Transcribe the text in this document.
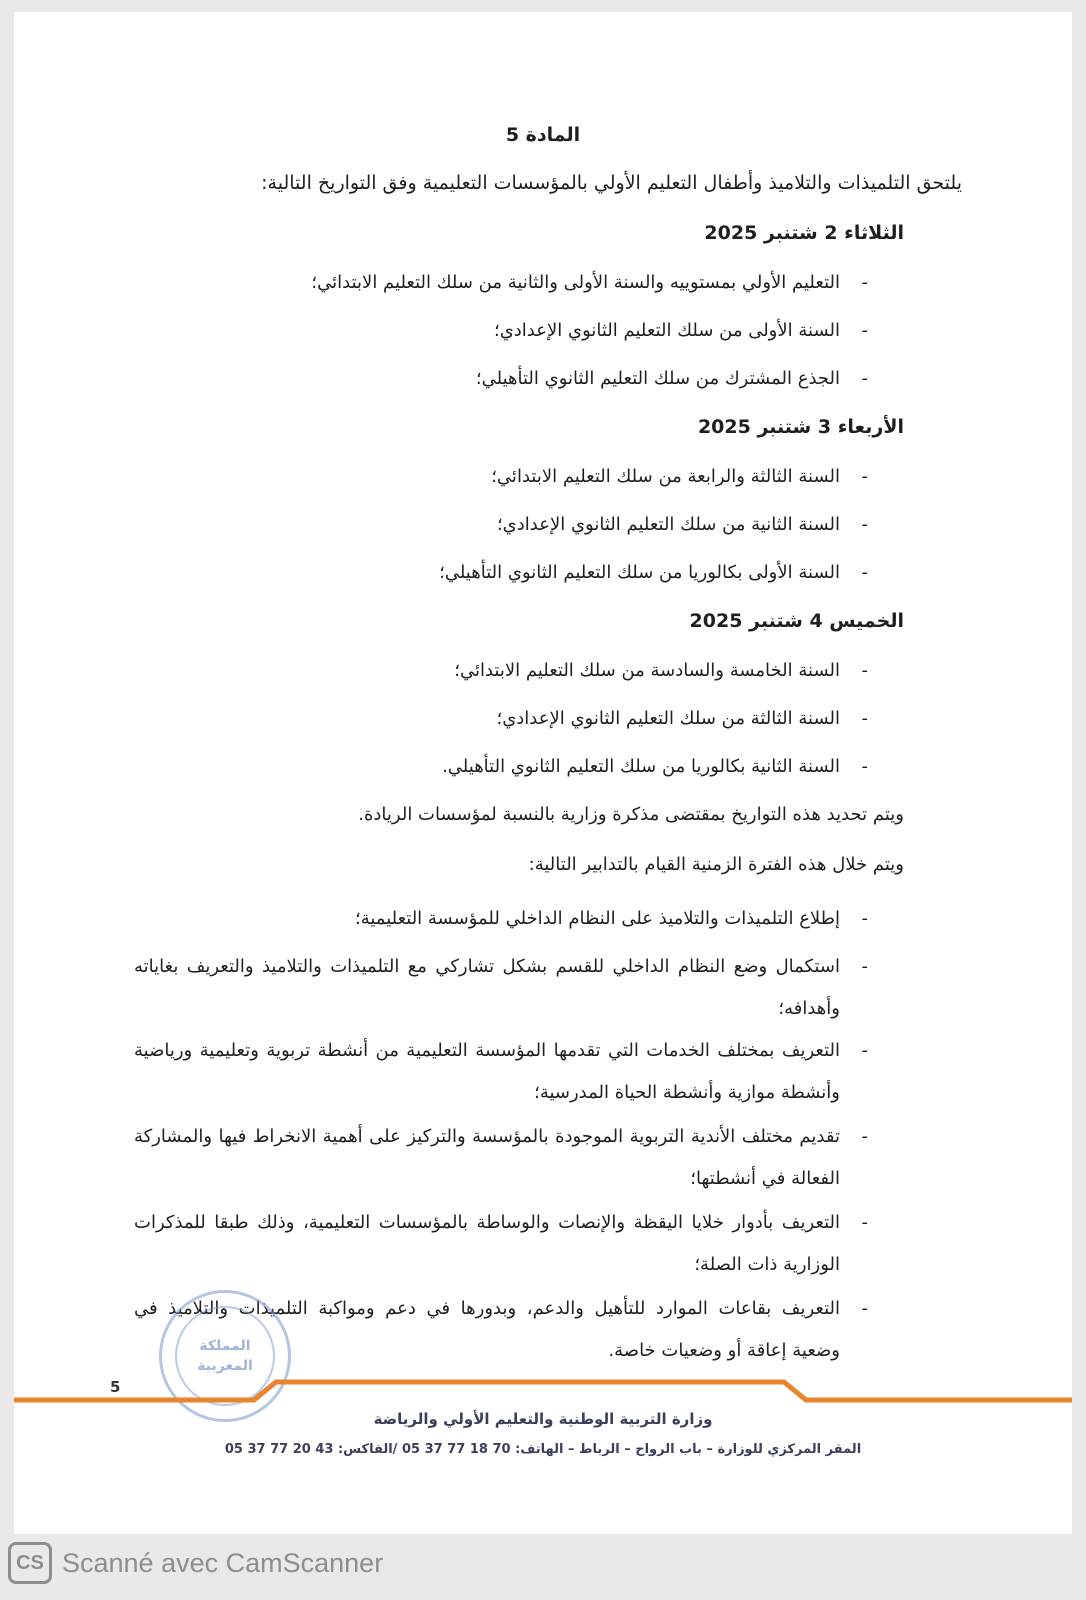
المادة 5
يلتحق التلميذات والتلاميذ وأطفال التعليم الأولي بالمؤسسات التعليمية وفق التواريخ التالية:
الثلاثاء 2 شتنبر 2025
- التعليم الأولي بمستوييه والسنة الأولى والثانية من سلك التعليم الابتدائي؛
- السنة الأولى من سلك التعليم الثانوي الإعدادي؛
- الجذع المشترك من سلك التعليم الثانوي التأهيلي؛
الأربعاء 3 شتنبر 2025
- السنة الثالثة والرابعة من سلك التعليم الابتدائي؛
- السنة الثانية من سلك التعليم الثانوي الإعدادي؛
- السنة الأولى بكالوريا من سلك التعليم الثانوي التأهيلي؛
الخميس 4 شتنبر 2025
- السنة الخامسة والسادسة من سلك التعليم الابتدائي؛
- السنة الثالثة من سلك التعليم الثانوي الإعدادي؛
- السنة الثانية بكالوريا من سلك التعليم الثانوي التأهيلي.
ويتم تحديد هذه التواريخ بمقتضى مذكرة وزارية بالنسبة لمؤسسات الريادة.
ويتم خلال هذه الفترة الزمنية القيام بالتدابير التالية:
- إطلاع التلميذات والتلاميذ على النظام الداخلي للمؤسسة التعليمية؛
- استكمال وضع النظام الداخلي للقسم بشكل تشاركي مع التلميذات والتلاميذ والتعريف بغاياته وأهدافه؛
- التعريف بمختلف الخدمات التي تقدمها المؤسسة التعليمية من أنشطة تربوية وتعليمية ورياضية وأنشطة موازية وأنشطة الحياة المدرسية؛
- تقديم مختلف الأندية التربوية الموجودة بالمؤسسة والتركيز على أهمية الانخراط فيها والمشاركة الفعالة في أنشطتها؛
- التعريف بأدوار خلايا اليقظة والإنصات والوساطة بالمؤسسات التعليمية، وذلك طبقا للمذكرات الوزارية ذات الصلة؛
- التعريف بقاعات الموارد للتأهيل والدعم، وبدورها في دعم ومواكبة التلميذات والتلاميذ في وضعية إعاقة أو وضعيات خاصة.
المملكة
المغربية
5
وزارة التربية الوطنية والتعليم الأولي والرياضة
المقر المركزي للوزارة – باب الرواح – الرباط – الهاتف: 70 18 77 37 05 /الفاكس: 43 20 77 37 05
CS Scanné avec CamScanner
